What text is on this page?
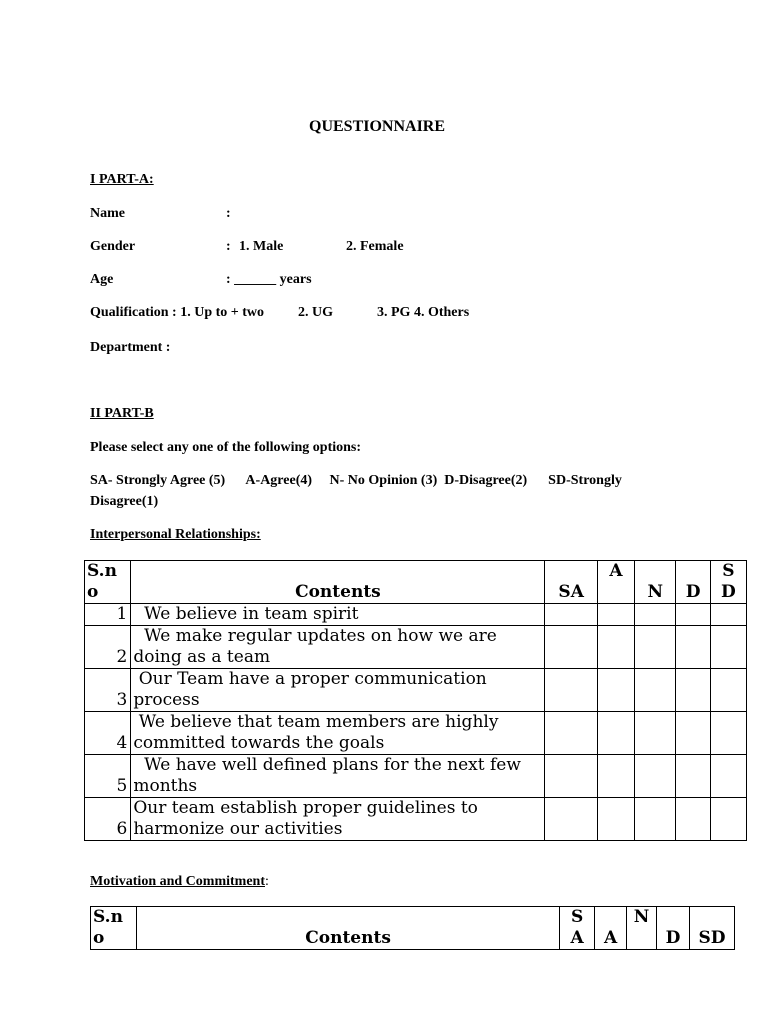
QUESTIONNAIRE
I PART-A:
Name	:
Gender	: 1. Male	2. Female
Age	: ______ years
Qualification : 1. Up to + two 2. UG	3. PG 4. Others
Department :
II PART-B
Please select any one of the following options:
SA- Strongly Agree (5)      A-Agree(4)     N- No Opinion (3)  D-Disagree(2)      SD-Strongly
Disagree(1)
Interpersonal Relationships:
S.n o	Contents	SA	A	N	D	S D
1	We believe in team spirit					
2	We make regular updates on how we are doing as a team					
3	Our Team have a proper communication process					
4	We believe that team members are highly committed towards the goals					
5	We have well defined plans for the next few months					
6	Our team establish proper guidelines to harmonize our activities					
Motivation and Commitment:
S.n o	Contents	S A	A	N	D	SD
